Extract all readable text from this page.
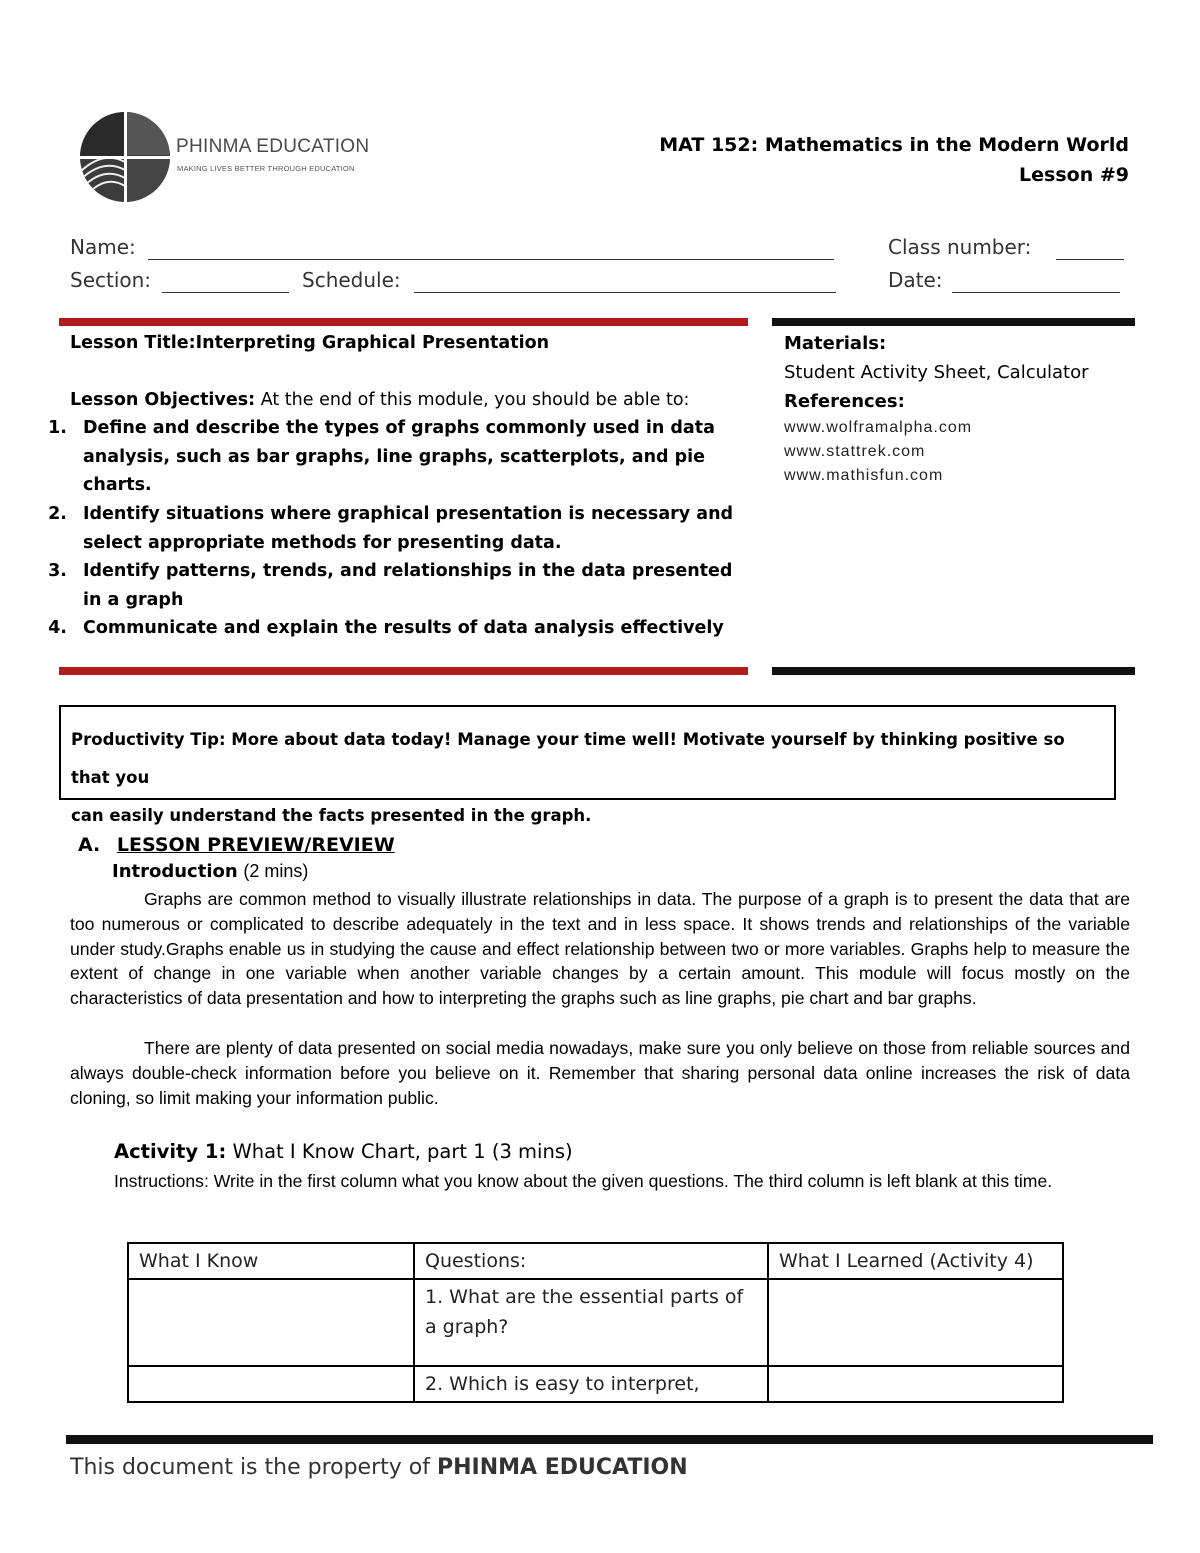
PHINMA EDUCATION
MAKING LIVES BETTER THROUGH EDUCATION
MAT 152: Mathematics in the Modern World
Lesson #9
Name:	Class number:
Section:	Schedule:	Date:
Lesson Title:Interpreting Graphical Presentation
Lesson Objectives: At the end of this module, you should be able to:
1. Define and describe the types of graphs commonly used in data analysis, such as bar graphs, line graphs, scatterplots, and pie charts.
2. Identify situations where graphical presentation is necessary and select appropriate methods for presenting data.
3. Identify patterns, trends, and relationships in the data presented in a graph
4. Communicate and explain the results of data analysis effectively
Materials:
Student Activity Sheet, Calculator
References:
www.wolframalpha.com
www.stattrek.com
www.mathisfun.com
Productivity Tip: More about data today! Manage your time well! Motivate yourself by thinking positive so that you
can easily understand the facts presented in the graph.
A. LESSON PREVIEW/REVIEW
Introduction (2 mins)
Graphs are common method to visually illustrate relationships in data. The purpose of a graph is to present the data that are too numerous or complicated to describe adequately in the text and in less space. It shows trends and relationships of the variable under study.Graphs enable us in studying the cause and effect relationship between two or more variables. Graphs help to measure the extent of change in one variable when another variable changes by a certain amount. This module will focus mostly on the characteristics of data presentation and how to interpreting the graphs such as line graphs, pie chart and bar graphs.
There are plenty of data presented on social media nowadays, make sure you only believe on those from reliable sources and always double-check information before you believe on it. Remember that sharing personal data online increases the risk of data cloning, so limit making your information public.
Activity 1: What I Know Chart, part 1 (3 mins)
Instructions: Write in the first column what you know about the given questions. The third column is left blank at this time.
What I Know	Questions:	What I Learned (Activity 4)
	1. What are the essential parts of a graph?	
	2. Which is easy to interpret,	
This document is the property of PHINMA EDUCATION
